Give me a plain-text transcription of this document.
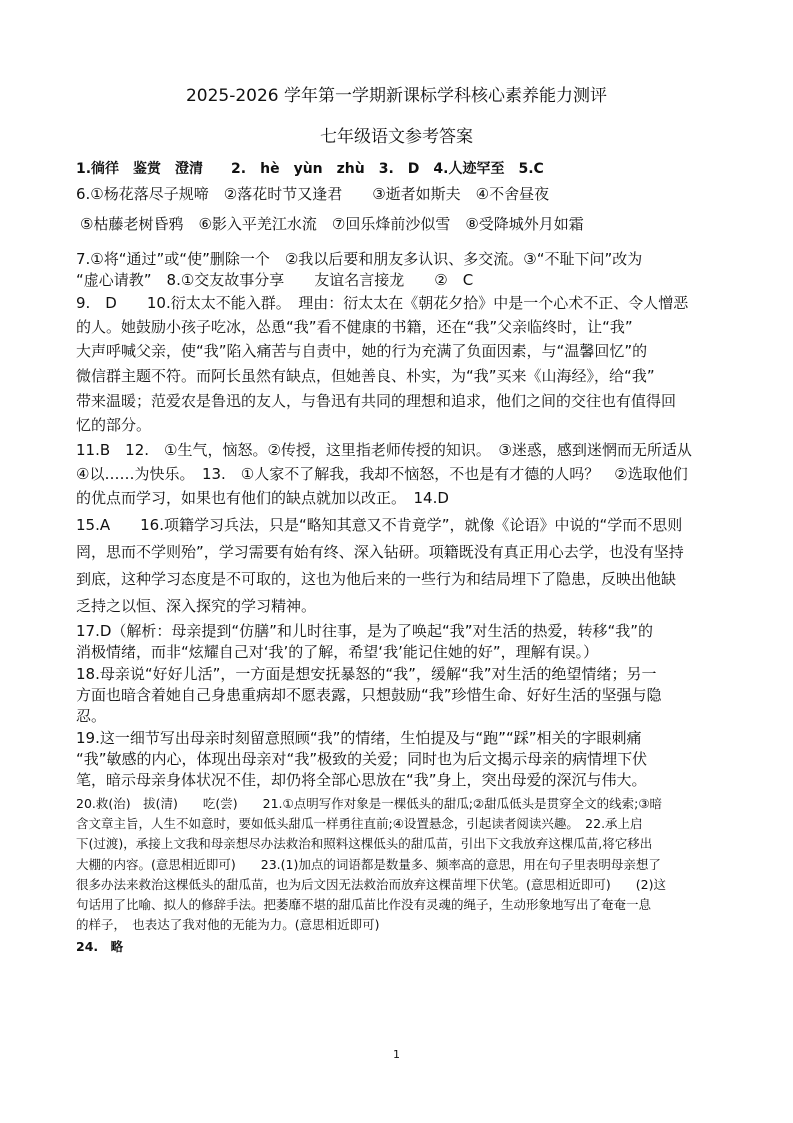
2025-2026 学年第一学期新课标学科核心素养能力测评
七年级语文参考答案
1.徜徉　鉴赏　澄清　　2.　hè　yùn　zhù　3.　D　4.人迹罕至　5.C
6.①杨花落尽子规啼　②落花时节又逢君　　③逝者如斯夫　④不舍昼夜
⑤枯藤老树昏鸦　⑥影入平羌江水流　⑦回乐烽前沙似雪　⑧受降城外月如霜
7.①将“通过”或“使”删除一个　②我以后要和朋友多认识、多交流。③“不耻下问”改为
“虚心请教”　8.①交友故事分享　　友谊名言接龙　　②　C
9.　D　　10.衍太太不能入群。　理由：衍太太在《朝花夕拾》中是一个心术不正、令人憎恶
的人。她鼓励小孩子吃冰，怂恿“我”看不健康的书籍，还在“我”父亲临终时，让“我”
大声呼喊父亲，使“我”陷入痛苦与自责中，她的行为充满了负面因素，与“温馨回忆”的
微信群主题不符。而阿长虽然有缺点，但她善良、朴实，为“我”买来《山海经》，给“我”
带来温暖；范爱农是鲁迅的友人，与鲁迅有共同的理想和追求，他们之间的交往也有值得回
忆的部分。
11.B　12.　①生气，恼怒。②传授，这里指老师传授的知识。　③迷惑，感到迷惘而无所适从
④以……为快乐。　13.　①人家不了解我，我却不恼怒，不也是有才德的人吗？　②选取他们
的优点而学习，如果也有他们的缺点就加以改正。　14.D
15.A　　16.项籍学习兵法，只是“略知其意又不肯竟学”，就像《论语》中说的“学而不思则
罔，思而不学则殆”，学习需要有始有终、深入钻研。项籍既没有真正用心去学，也没有坚持
到底，这种学习态度是不可取的，这也为他后来的一些行为和结局埋下了隐患，反映出他缺
乏持之以恒、深入探究的学习精神。
17.D（解析：母亲提到“仿膳”和儿时往事，是为了唤起“我”对生活的热爱，转移“我”的
消极情绪，而非“炫耀自己对‘我’的了解，希望‘我’能记住她的好”，理解有误。）
18.母亲说“好好儿活”，一方面是想安抚暴怒的“我”，缓解“我”对生活的绝望情绪；另一
方面也暗含着她自己身患重病却不愿表露，只想鼓励“我”珍惜生命、好好生活的坚强与隐
忍。
19.这一细节写出母亲时刻留意照顾“我”的情绪，生怕提及与“跑”“踩”相关的字眼刺痛
“我”敏感的内心，体现出母亲对“我”极致的关爱；同时也为后文揭示母亲的病情埋下伏
笔，暗示母亲身体状况不佳，却仍将全部心思放在“我”身上，突出母爱的深沉与伟大。
20.救(治)　拔(清)　　吃(尝)　　21.①点明写作对象是一棵低头的甜瓜;②甜瓜低头是贯穿全文的线索;③暗
含文章主旨，人生不如意时，要如低头甜瓜一样勇往直前;④设置悬念，引起读者阅读兴趣。　22.承上启
下(过渡)，承接上文我和母亲想尽办法救治和照料这棵低头的甜瓜苗，引出下文我放弃这棵瓜苗,将它移出
大棚的内容。(意思相近即可)　　23.(1)加点的词语都是数量多、频率高的意思，用在句子里表明母亲想了
很多办法来救治这棵低头的甜瓜苗，也为后文因无法救治而放弃这棵苗埋下伏笔。(意思相近即可)　　(2)这
句话用了比喻、拟人的修辞手法。把萎靡不堪的甜瓜苗比作没有灵魂的绳子，生动形象地写出了奄奄一息
的样子，　也表达了我对他的无能为力。(意思相近即可)
24.　略
1
